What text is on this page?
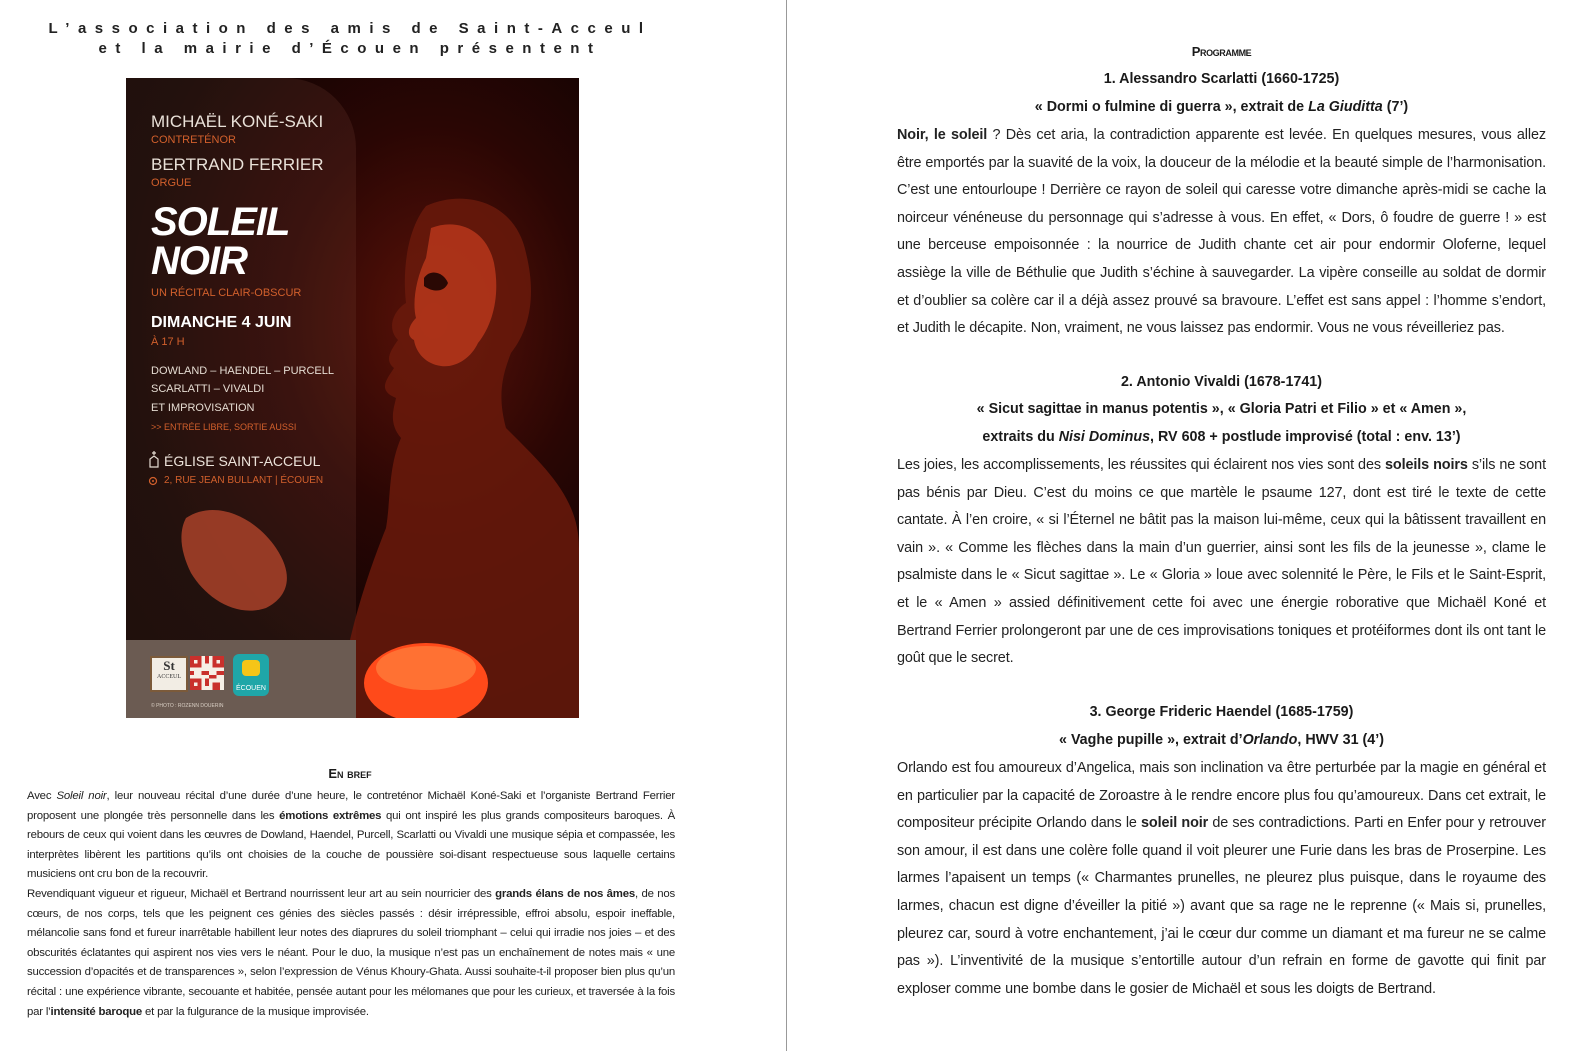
L’association des amis de Saint-Acceul
et la mairie d’Écouen présentent
MICHAËL KONÉ-SAKI
CONTRETÉNOR
BERTRAND FERRIER
ORGUE
SOLEIL
NOIR
UN RÉCITAL CLAIR-OBSCUR
DIMANCHE 4 JUIN
À 17 H
DOWLAND – HAENDEL – PURCELL
SCARLATTI – VIVALDI
ET IMPROVISATION
>> ENTRÉE LIBRE, SORTIE AUSSI
ÉGLISE SAINT-ACCEUL
2, RUE JEAN BULLANT | ÉCOUEN
St
ACCEUL
ÉCOUEN
© PHOTO : ROZENN DOUERIN
En bref

Avec Soleil noir, leur nouveau récital d’une durée d’une heure, le contreténor Michaël Koné-Saki et l’organiste Bertrand Ferrier proposent une plongée très personnelle dans les émotions extrêmes qui ont inspiré les plus grands compositeurs baroques. À rebours de ceux qui voient dans les œuvres de Dowland, Haendel, Purcell, Scarlatti ou Vivaldi une musique sépia et compassée, les interprètes libèrent les partitions qu’ils ont choisies de la couche de poussière soi-disant respectueuse sous laquelle certains musiciens ont cru bon de la recouvrir.

Revendiquant vigueur et rigueur, Michaël et Bertrand nourrissent leur art au sein nourricier des grands élans de nos âmes, de nos cœurs, de nos corps, tels que les peignent ces génies des siècles passés : désir irrépressible, effroi absolu, espoir ineffable, mélancolie sans fond et fureur inarrêtable habillent leur notes des diaprures du soleil triomphant – celui qui irradie nos joies – et des obscurités éclatantes qui aspirent nos vies vers le néant. Pour le duo, la musique n’est pas un enchaînement de notes mais « une succession d’opacités et de transparences », selon l’expression de Vénus Khoury-Ghata. Aussi souhaite-t-il proposer bien plus qu’un récital : une expérience vibrante, secouante et habitée, pensée autant pour les mélomanes que pour les curieux, et traversée à la fois par l’intensité baroque et par la fulgurance de la musique improvisée.

Programme
1. Alessandro Scarlatti (1660-1725)
« Dormi o fulmine di guerra », extrait de La Giuditta (7’)

Noir, le soleil ? Dès cet aria, la contradiction apparente est levée. En quelques mesures, vous allez être emportés par la suavité de la voix, la douceur de la mélodie et la beauté simple de l’harmonisation. C’est une entourloupe ! Derrière ce rayon de soleil qui caresse votre dimanche après-midi se cache la noirceur vénéneuse du personnage qui s’adresse à vous. En effet, « Dors, ô foudre de guerre ! » est une berceuse empoisonnée : la nourrice de Judith chante cet air pour endormir Oloferne, lequel assiège la ville de Béthulie que Judith s’échine à sauvegarder. La vipère conseille au soldat de dormir et d’oublier sa colère car il a déjà assez prouvé sa bravoure. L’effet est sans appel : l’homme s’endort, et Judith le décapite. Non, vraiment, ne vous laissez pas endormir. Vous ne vous réveilleriez pas.

2. Antonio Vivaldi (1678-1741)
« Sicut sagittae in manus potentis », « Gloria Patri et Filio » et « Amen »,
extraits du Nisi Dominus, RV 608 + postlude improvisé (total : env. 13’)

Les joies, les accomplissements, les réussites qui éclairent nos vies sont des soleils noirs s’ils ne sont pas bénis par Dieu. C’est du moins ce que martèle le psaume 127, dont est tiré le texte de cette cantate. À l’en croire, « si l’Éternel ne bâtit pas la maison lui-même, ceux qui la bâtissent travaillent en vain ». « Comme les flèches dans la main d’un guerrier, ainsi sont les fils de la jeunesse », clame le psalmiste dans le « Sicut sagittae ». Le « Gloria » loue avec solennité le Père, le Fils et le Saint-Esprit, et le « Amen » assied définitivement cette foi avec une énergie roborative que Michaël Koné et Bertrand Ferrier prolongeront par une de ces improvisations toniques et protéiformes dont ils ont tant le goût que le secret.

3. George Frideric Haendel (1685-1759)
« Vaghe pupille », extrait d’Orlando, HWV 31 (4’)

Orlando est fou amoureux d’Angelica, mais son inclination va être perturbée par la magie en général et en particulier par la capacité de Zoroastre à le rendre encore plus fou qu’amoureux. Dans cet extrait, le compositeur précipite Orlando dans le soleil noir de ses contradictions. Parti en Enfer pour y retrouver son amour, il est dans une colère folle quand il voit pleurer une Furie dans les bras de Proserpine. Les larmes l’apaisent un temps (« Charmantes prunelles, ne pleurez plus puisque, dans le royaume des larmes, chacun est digne d’éveiller la pitié ») avant que sa rage ne le reprenne (« Mais si, prunelles, pleurez car, sourd à votre enchantement, j’ai le cœur dur comme un diamant et ma fureur ne se calme pas »). L’inventivité de la musique s’entortille autour d’un refrain en forme de gavotte qui finit par exploser comme une bombe dans le gosier de Michaël et sous les doigts de Bertrand.
